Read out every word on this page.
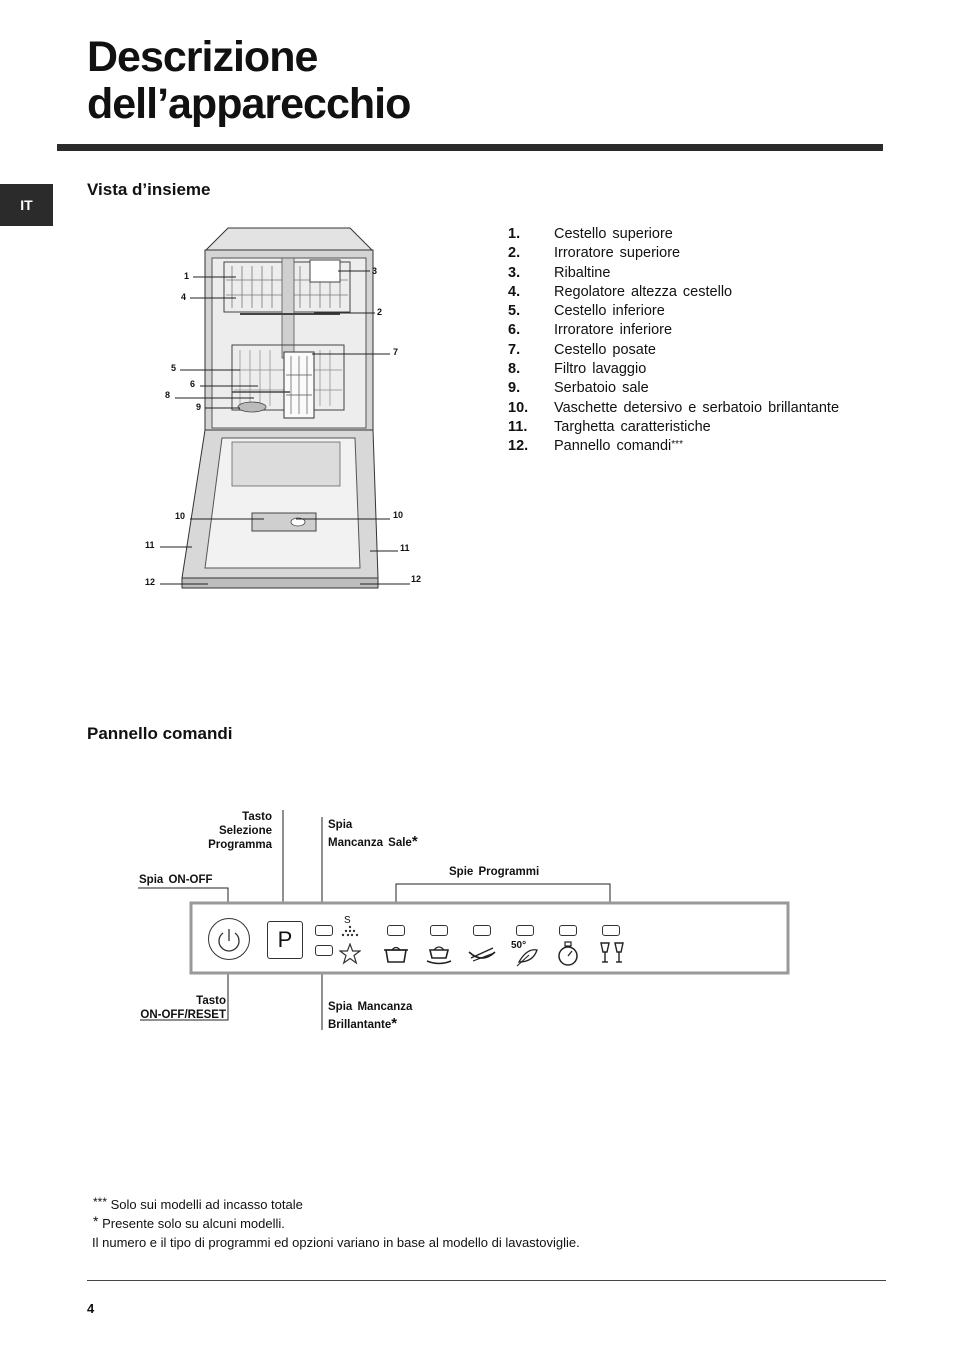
Descrizione
dell’apparecchio
IT
Vista d’insieme
1
2
3
4
5
6
7
8
9
10	10
11	11
12	12
1.	Cestello superiore
2.	Irroratore superiore
3.	Ribaltine
4.	Regolatore altezza cestello
5.	Cestello inferiore
6.	Irroratore inferiore
7.	Cestello posate
8.	Filtro lavaggio
9.	Serbatoio sale
10.	Vaschette detersivo e serbatoio brillantante
11.	Targhetta caratteristiche
12.	Pannello comandi***
Pannello comandi
Tasto
Selezione
Programma
Spia
Mancanza Sale*
Spia ON-OFF
Spie Programmi
Tasto
ON-OFF/RESET
Spia Mancanza
Brillantante*
P
S
50°
*** Solo sui modelli ad incasso totale
* Presente solo su alcuni modelli.
Il numero e il tipo di programmi ed opzioni variano in base al modello di lavastoviglie.
4
